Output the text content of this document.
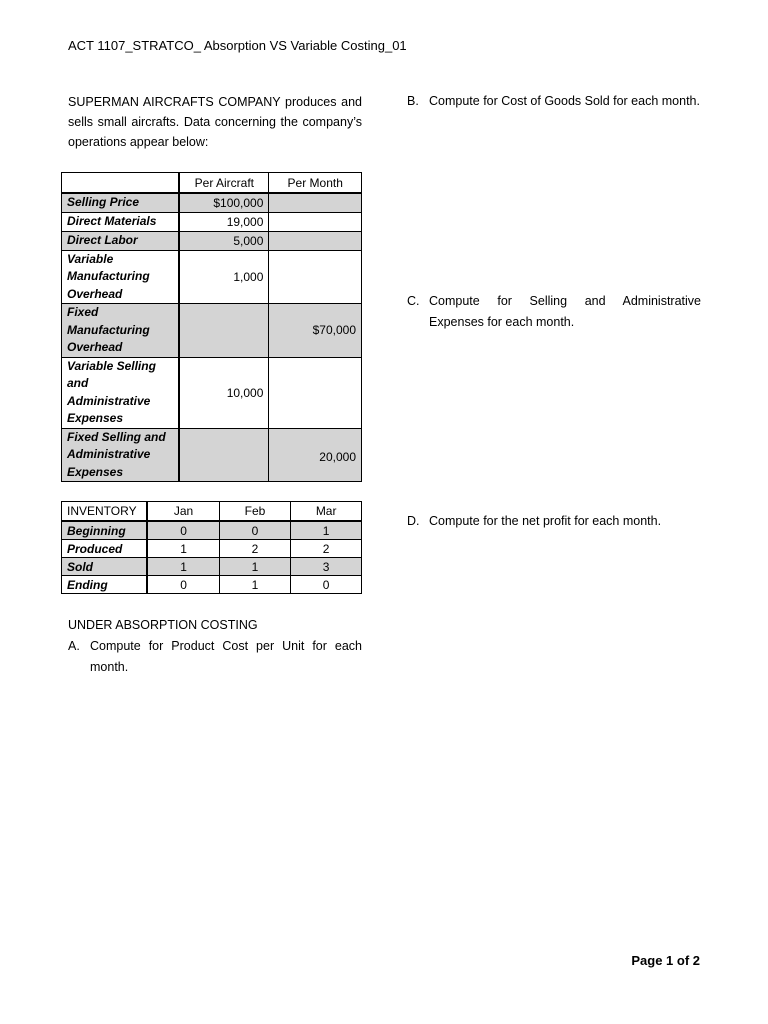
ACT 1107_STRATCO_ Absorption VS Variable Costing_01
SUPERMAN AIRCRAFTS COMPANY produces and sells small aircrafts. Data concerning the company’s operations appear below:
	Per Aircraft	Per Month
Selling Price	$100,000	
Direct Materials	19,000	
Direct Labor	5,000	
Variable Manufacturing Overhead	1,000	
Fixed Manufacturing Overhead		$70,000
Variable Selling and Administrative Expenses	10,000	
Fixed Selling and Administrative Expenses		20,000
INVENTORY	Jan	Feb	Mar
Beginning	0	0	1
Produced	1	2	2
Sold	1	1	3
Ending	0	1	0
UNDER ABSORPTION COSTING
A. Compute for Product Cost per Unit for each month.
B. Compute for Cost of Goods Sold for each month.
C. Compute for Selling and Administrative Expenses for each month.
D. Compute for the net profit for each month.
Page 1 of 2
